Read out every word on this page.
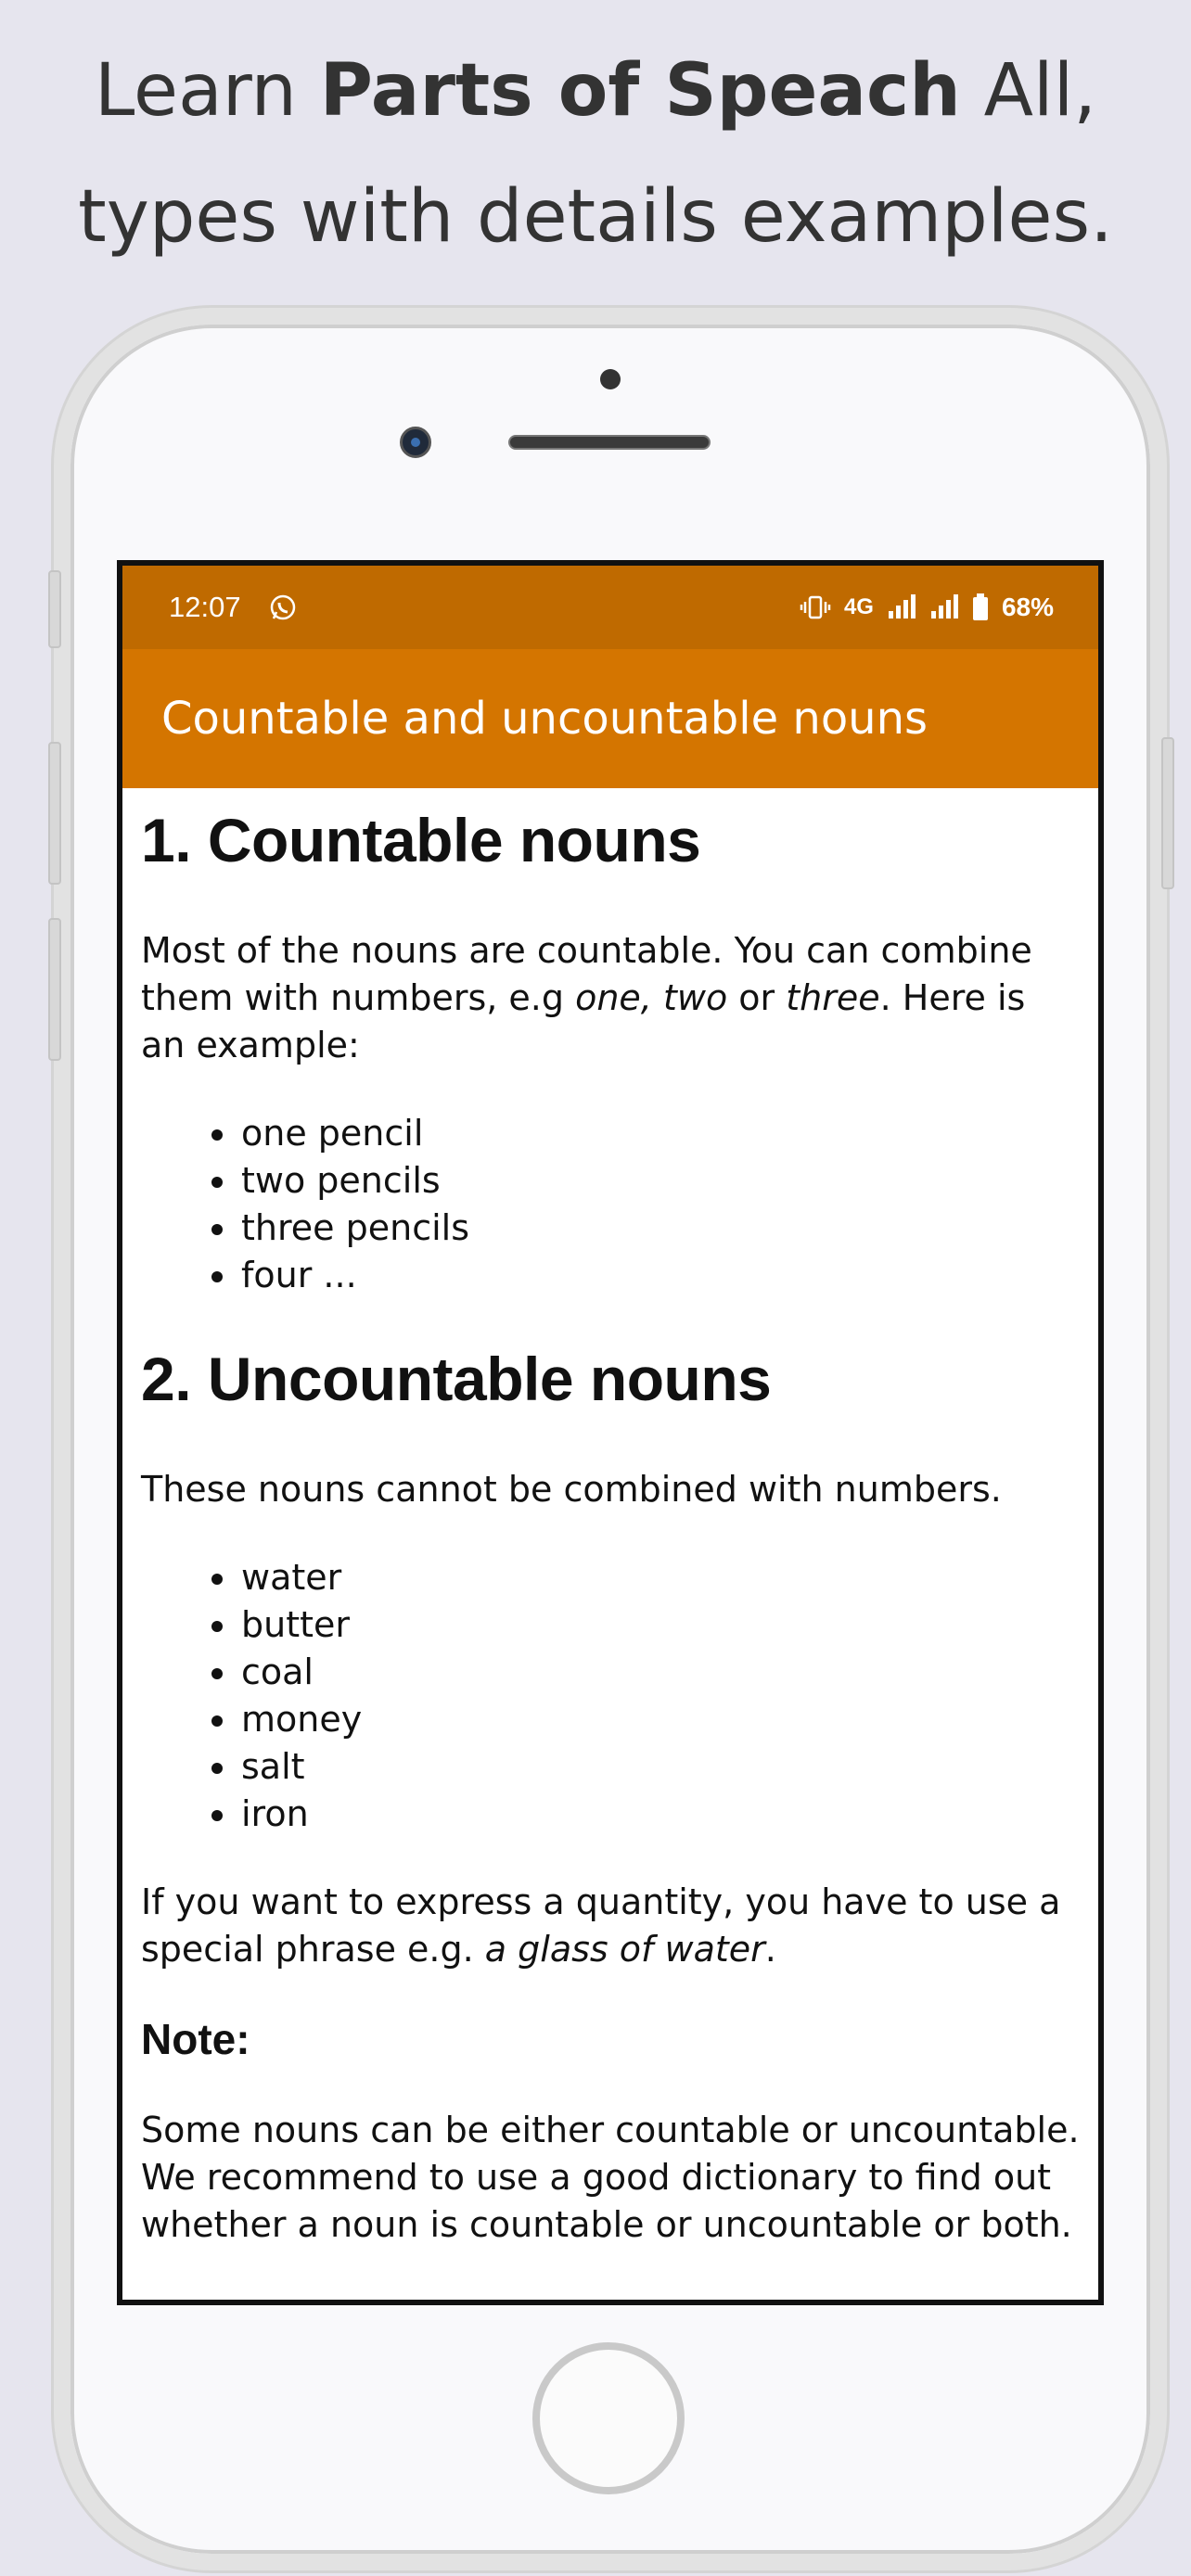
Learn Parts of Speach All,
types with details examples.
12:07	4G	68%
Countable and uncountable nouns
1. Countable nouns

Most of the nouns are countable. You can combine them with numbers, e.g one, two or three. Here is an example:

• one pencil
• two pencils
• three pencils
• four ...
2. Uncountable nouns

These nouns cannot be combined with numbers.

• water
• butter
• coal
• money
• salt
• iron

If you want to express a quantity, you have to use a special phrase e.g. a glass of water.

Note:

Some nouns can be either countable or uncountable. We recommend to use a good dictionary to find out whether a noun is countable or uncountable or both.
